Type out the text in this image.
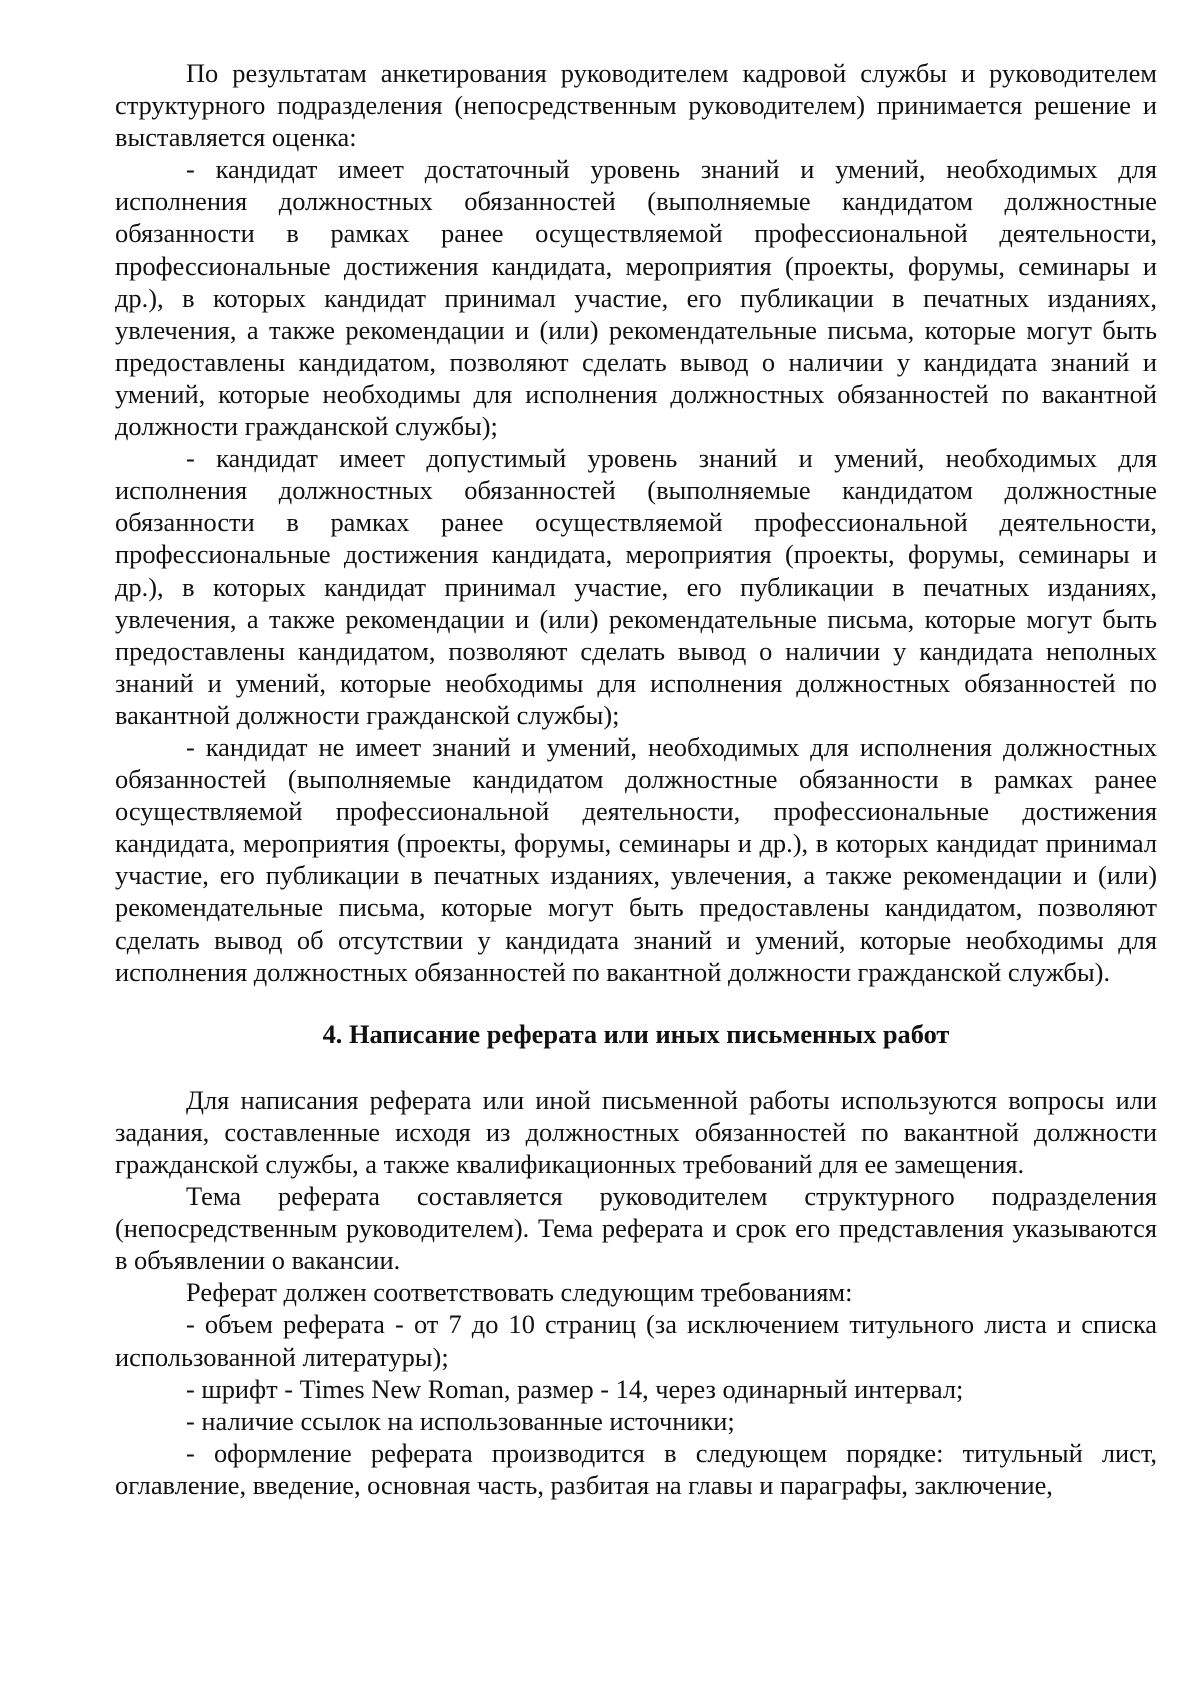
По результатам анкетирования руководителем кадровой службы и руководителем структурного подразделения (непосредственным руководителем) принимается решение и выставляется оценка:

- кандидат имеет достаточный уровень знаний и умений, необходимых для исполнения должностных обязанностей (выполняемые кандидатом должностные обязанности в рамках ранее осуществляемой профессиональной деятельности, профессиональные достижения кандидата, мероприятия (проекты, форумы, семинары и др.), в которых кандидат принимал участие, его публикации в печатных изданиях, увлечения, а также рекомендации и (или) рекомендательные письма, которые могут быть предоставлены кандидатом, позволяют сделать вывод о наличии у кандидата знаний и умений, которые необходимы для исполнения должностных обязанностей по вакантной должности гражданской службы);

- кандидат имеет допустимый уровень знаний и умений, необходимых для исполнения должностных обязанностей (выполняемые кандидатом должностные обязанности в рамках ранее осуществляемой профессиональной деятельности, профессиональные достижения кандидата, мероприятия (проекты, форумы, семинары и др.), в которых кандидат принимал участие, его публикации в печатных изданиях, увлечения, а также рекомендации и (или) рекомендательные письма, которые могут быть предоставлены кандидатом, позволяют сделать вывод о наличии у кандидата неполных знаний и умений, которые необходимы для исполнения должностных обязанностей по вакантной должности гражданской службы);

- кандидат не имеет знаний и умений, необходимых для исполнения должностных обязанностей (выполняемые кандидатом должностные обязанности в рамках ранее осуществляемой профессиональной деятельности, профессиональные достижения кандидата, мероприятия (проекты, форумы, семинары и др.), в которых кандидат принимал участие, его публикации в печатных изданиях, увлечения, а также рекомендации и (или) рекомендательные письма, которые могут быть предоставлены кандидатом, позволяют сделать вывод об отсутствии у кандидата знаний и умений, которые необходимы для исполнения должностных обязанностей по вакантной должности гражданской службы).

4. Написание реферата или иных письменных работ

Для написания реферата или иной письменной работы используются вопросы или задания, составленные исходя из должностных обязанностей по вакантной должности гражданской службы, а также квалификационных требований для ее замещения.

Тема реферата составляется руководителем структурного подразделения (непосредственным руководителем). Тема реферата и срок его представления указываются в объявлении о вакансии.

Реферат должен соответствовать следующим требованиям:

- объем реферата - от 7 до 10 страниц (за исключением титульного листа и списка использованной литературы);

- шрифт - Times New Roman, размер - 14, через одинарный интервал;

- наличие ссылок на использованные источники;

- оформление реферата производится в следующем порядке: титульный лист, оглавление, введение, основная часть, разбитая на главы и параграфы, заключение,
